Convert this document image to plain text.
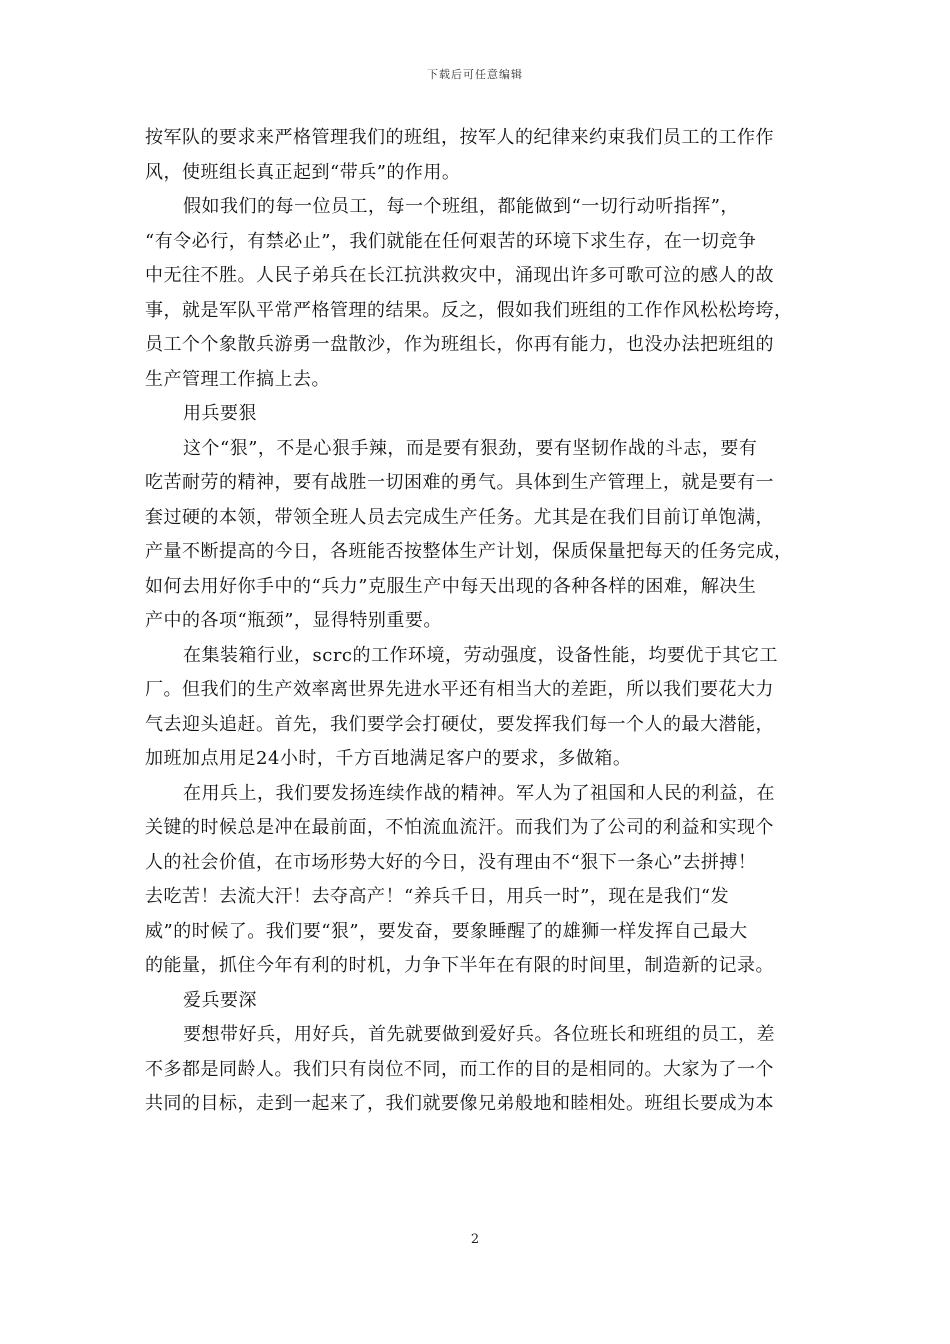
下载后可任意编辑
按军队的要求来严格管理我们的班组，按军人的纪律来约束我们员工的工作作
风，使班组长真正起到“带兵”的作用。
假如我们的每一位员工，每一个班组，都能做到“一切行动听指挥”，
“有令必行，有禁必止”，我们就能在任何艰苦的环境下求生存，在一切竞争
中无往不胜。人民子弟兵在长江抗洪救灾中，涌现出许多可歌可泣的感人的故
事，就是军队平常严格管理的结果。反之，假如我们班组的工作作风松松垮垮，
员工个个象散兵游勇一盘散沙，作为班组长，你再有能力，也没办法把班组的
生产管理工作搞上去。
用兵要狠
这个“狠”，不是心狠手辣，而是要有狠劲，要有坚韧作战的斗志，要有
吃苦耐劳的精神，要有战胜一切困难的勇气。具体到生产管理上，就是要有一
套过硬的本领，带领全班人员去完成生产任务。尤其是在我们目前订单饱满，
产量不断提高的今日，各班能否按整体生产计划，保质保量把每天的任务完成，
如何去用好你手中的“兵力”克服生产中每天出现的各种各样的困难，解决生
产中的各项“瓶颈”，显得特别重要。
在集装箱行业，scrc的工作环境，劳动强度，设备性能，均要优于其它工
厂。但我们的生产效率离世界先进水平还有相当大的差距，所以我们要花大力
气去迎头追赶。首先，我们要学会打硬仗，要发挥我们每一个人的最大潜能，
加班加点用足24小时，千方百地满足客户的要求，多做箱。
在用兵上，我们要发扬连续作战的精神。军人为了祖国和人民的利益，在
关键的时候总是冲在最前面，不怕流血流汗。而我们为了公司的利益和实现个
人的社会价值，在市场形势大好的今日，没有理由不“狠下一条心”去拼搏！
去吃苦！去流大汗！去夺高产！“养兵千日，用兵一时”，现在是我们“发
威”的时候了。我们要“狠”，要发奋，要象睡醒了的雄狮一样发挥自己最大
的能量，抓住今年有利的时机，力争下半年在有限的时间里，制造新的记录。
爱兵要深
要想带好兵，用好兵，首先就要做到爱好兵。各位班长和班组的员工，差
不多都是同龄人。我们只有岗位不同，而工作的目的是相同的。大家为了一个
共同的目标，走到一起来了，我们就要像兄弟般地和睦相处。班组长要成为本
2
